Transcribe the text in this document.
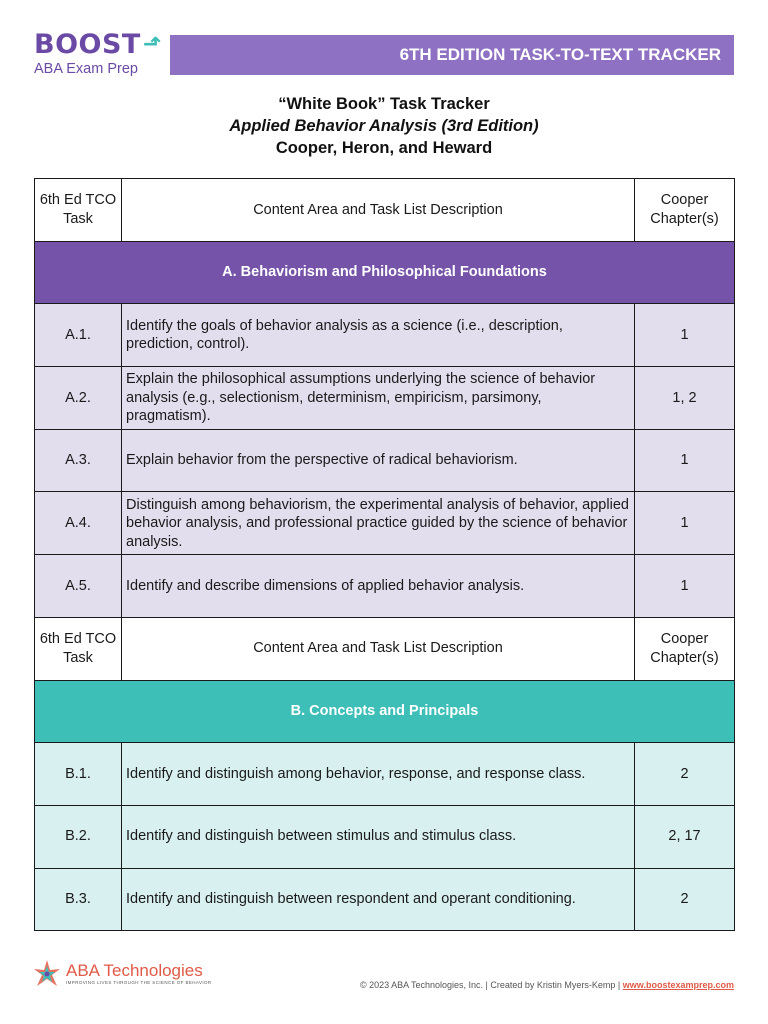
BOOST ⬏
ABA Exam Prep
6TH EDITION TASK-TO-TEXT TRACKER
“White Book” Task Tracker
Applied Behavior Analysis (3rd Edition)
Cooper, Heron, and Heward
6th Ed TCO Task	Content Area and Task List Description	Cooper Chapter(s)
A. Behaviorism and Philosophical Foundations		
A.1.	Identify the goals of behavior analysis as a science (i.e., description, prediction, control).	1
A.2.	Explain the philosophical assumptions underlying the science of behavior analysis (e.g., selectionism, determinism, empiricism, parsimony, pragmatism).	1, 2
A.3.	Explain behavior from the perspective of radical behaviorism.	1
A.4.	Distinguish among behaviorism, the experimental analysis of behavior, applied behavior analysis, and professional practice guided by the science of behavior analysis.	1
A.5.	Identify and describe dimensions of applied behavior analysis.	1
6th Ed TCO Task	Content Area and Task List Description	Cooper Chapter(s)
B. Concepts and Principals		
B.1.	Identify and distinguish among behavior, response, and response class.	2
B.2.	Identify and distinguish between stimulus and stimulus class.	2, 17
B.3.	Identify and distinguish between respondent and operant conditioning.	2
ABA Technologies
IMPROVING LIVES THROUGH THE SCIENCE OF BEHAVIOR	© 2023 ABA Technologies, Inc. | Created by Kristin Myers-Kemp | www.boostexamprep.com
